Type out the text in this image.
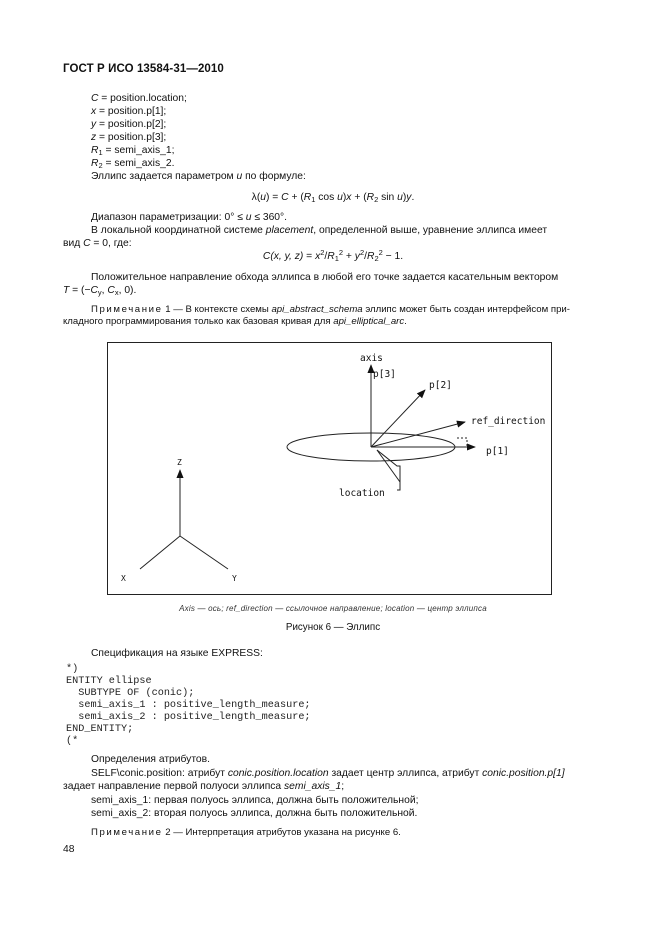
ГОСТ Р ИСО 13584-31—2010
C = position.location;
x = position.p[1];
y = position.p[2];
z = position.p[3];
$R_1$ = semi_axis_1;
$R_2$ = semi_axis_2.
Эллипс задается параметром u по формуле:
$\lambda(u) = C + (R_1$ $\cos u)x + (R_2$ sin u)y.
Диапазон параметризации: 0° ≤ u ≤ 360°.
В локальной координатной системе placement, определенной выше, уравнение эллипса имеет
вид C = 0, где:
C(x, y, $z) = x^2/R_1^2 + y^2/R_2^2 - 1$.
Положительное направление обхода эллипса в любой его точке задается касательным вектором
$T = (-C_y$, $C_x$, 0).
Примечание 1 — В контексте схемы api_abstract_schema эллипс может быть создан интерфейсом при-
кладного программирования только как базовая кривая для api_elliptical_arc.
axis
p[3]
p[2]
ref_direction
p[1]
location
Z
X	Y
Axis — ось; ref_direction — ссылочное направление; location — центр эллипса
Рисунок 6 — Эллипс
Спецификация на языке EXPRESS:
*)
ENTITY ellipse
SUBTYPE OF (conic);
semi_axis_1 : positive_length_measure;
semi_axis_2 : positive_length_measure;
END_ENTITY;
(*
Определения атрибутов.
SELF\conic.position: атрибут conic.position.location задает центр эллипса, атрибут conic.position.p[1]
задает направление первой полуоси эллипса semi_axis_1;
semi_axis_1: первая полуось эллипса, должна быть положительной;
semi_axis_2: вторая полуось эллипса, должна быть положительной.
Примечание 2 — Интерпретация атрибутов указана на рисунке 6.
48
